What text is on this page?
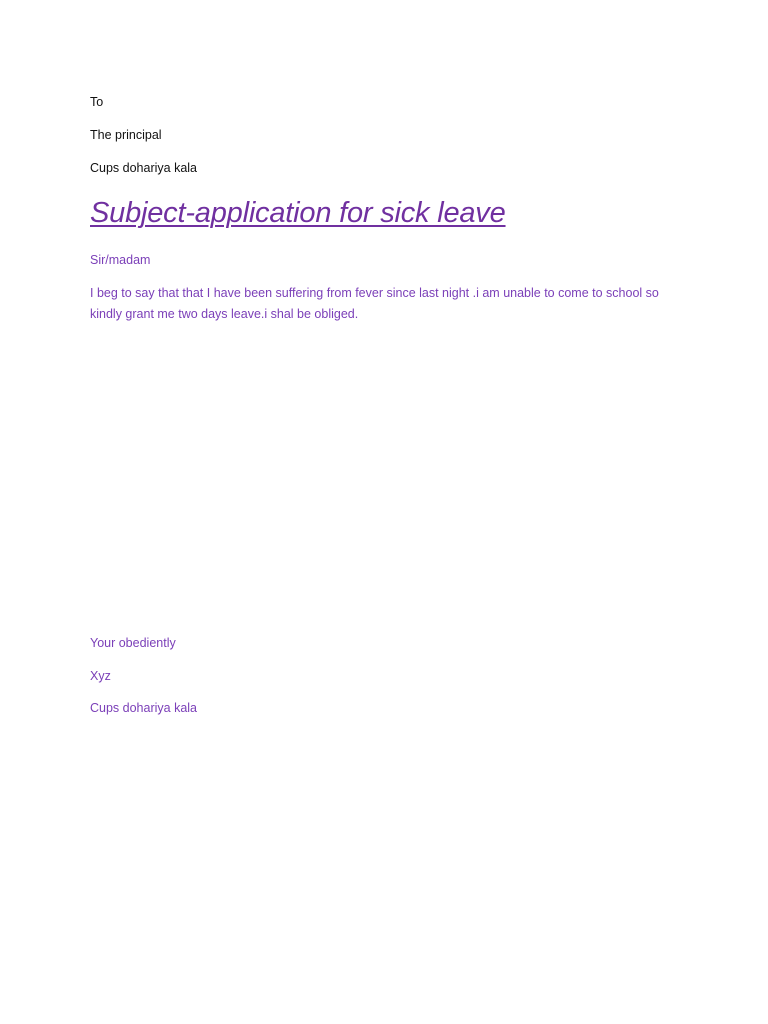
To

The principal

Cups dohariya kala

Subject-application for sick leave

Sir/madam

I beg to say that that I have been suffering from fever since last night .i am unable to come to school so kindly grant me two days leave.i shal be obliged.

Your obediently

Xyz

Cups dohariya kala
